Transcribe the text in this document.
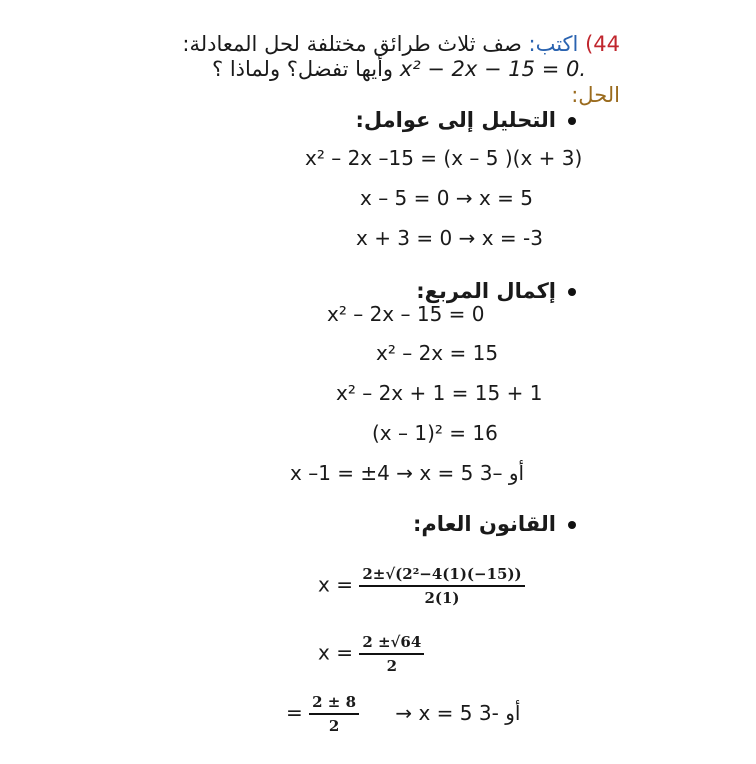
44) اكتب: صف ثلاث طرائق مختلفة لحل المعادلة:
x² − 2x − 15 = 0. وأيها تفضل؟ ولماذا ؟
الحل:
التحليل إلى عوامل:
x² – 2x –15 = (x – 5 )(x + 3)
x – 5 = 0 → x = 5
x + 3 = 0 → x = -3
إكمال المربع:
x² – 2x – 15 = 0
x² – 2x = 15
x² – 2x + 1 = 15 + 1
(x – 1)² = 16
x –1 = ±4 → x = 5 أو –3
القانون العام:
$x = \frac{\text{2±√(2²−4(1)(−15))}}{2(1)}$
$x = \frac{2 \pm√64}{2}$
= $\frac{2 \pm 8}{2} \to x = 5$ أو -3
